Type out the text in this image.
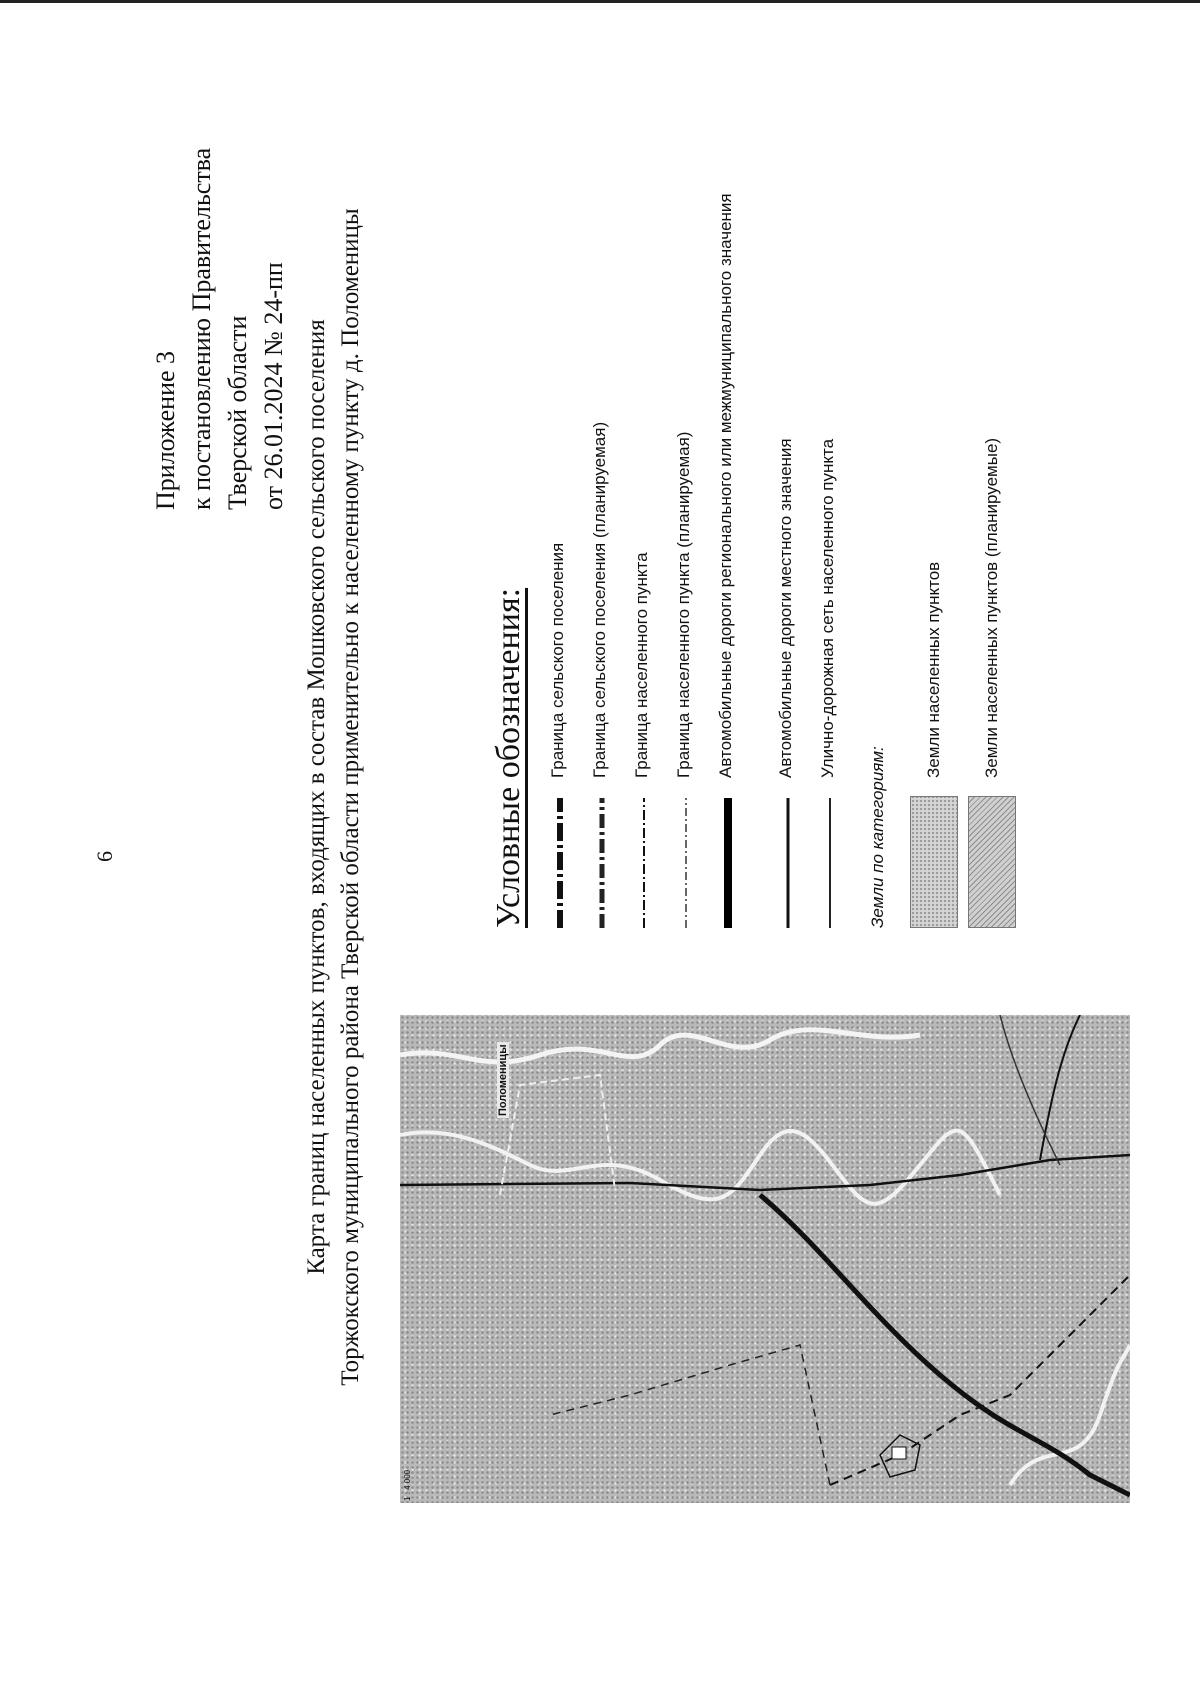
6
Приложение 3 к постановлению Правительства Тверской области от 26.01.2024 № 24-пп Карта границ населенных пунктов, входящих в состав Мошковского сельского поселения Торжокского муниципального района Тверской области применительно к населенному пункту д. Поломеницы	Условные обозначения: Граница сельского поселения Граница сельского поселения (планируемая) Граница населенного пункта Граница населенного пункта (планируемая) Автомобильные дороги регионального или межмуниципального значения Автомобильные дороги местного значения Улично-дорожная сеть населенного пункта
Земли по категориям:
Земли населенных пунктов Земли населенных пунктов (планируемые)
Поломеницы
1 : 4 000
